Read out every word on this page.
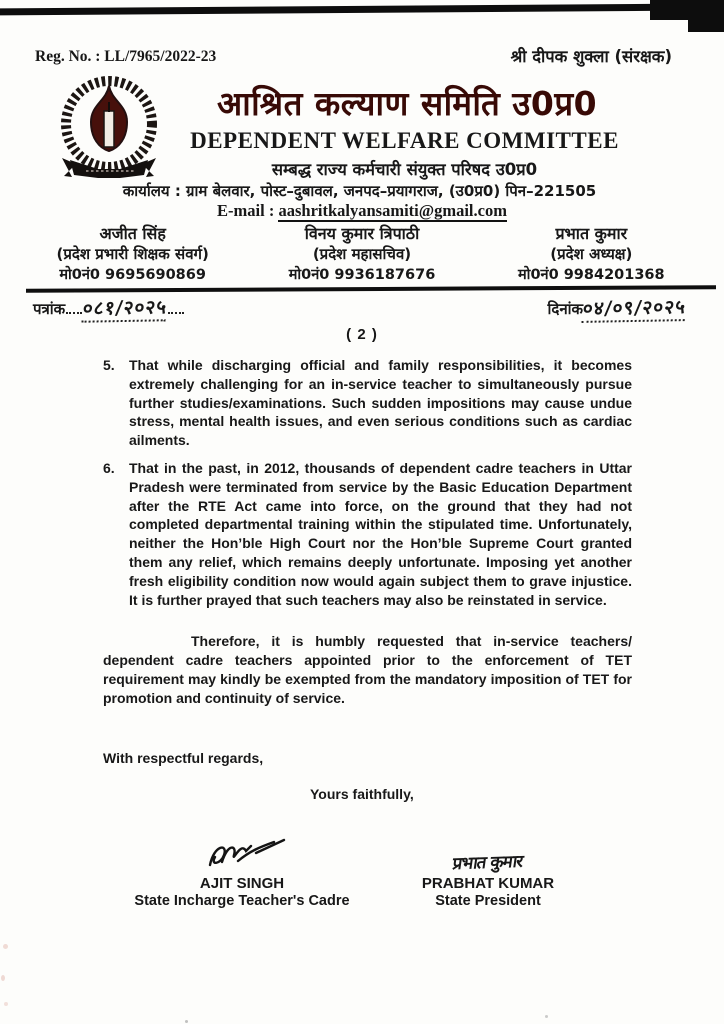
Reg. No. : LL/7965/2022-23	श्री दीपक शुक्ला (संरक्षक)
आश्रित कल्याण समिति उ0प्र0
DEPENDENT WELFARE COMMITTEE
सम्बद्ध राज्य कर्मचारी संयुक्त परिषद उ0प्र0
कार्यालय : ग्राम बेलवार, पोस्ट–दुबावल, जनपद–प्रयागराज, (उ0प्र0) पिन–221505
E-mail : aashritkalyansamiti@gmail.com
अजीत सिंह
(प्रदेश प्रभारी शिक्षक संवर्ग)
मो0नं0 9695690869
विनय कुमार त्रिपाठी
(प्रदेश महासचिव)
मो0नं0 9936187676
प्रभात कुमार
(प्रदेश अध्यक्ष)
मो0नं0 9984201368
पत्रांक ०८१/२०२५	दिनांक०४/०९/२०२५
( 2 )
5.	That while discharging official and family responsibilities, it becomes extremely challenging for an in-service teacher to simultaneously pursue further studies/examinations. Such sudden impositions may cause undue stress, mental health issues, and even serious conditions such as cardiac ailments.
6.	That in the past, in 2012, thousands of dependent cadre teachers in Uttar Pradesh were terminated from service by the Basic Education Department after the RTE Act came into force, on the ground that they had not completed departmental training within the stipulated time. Unfortunately, neither the Hon’ble High Court nor the Hon’ble Supreme Court granted them any relief, which remains deeply unfortunate. Imposing yet another fresh eligibility condition now would again subject them to grave injustice. It is further prayed that such teachers may also be reinstated in service.
Therefore, it is humbly requested that in-service teachers/ dependent cadre teachers appointed prior to the enforcement of TET requirement may kindly be exempted from the mandatory imposition of TET for promotion and continuity of service.
With respectful regards,
Yours faithfully,
AJIT SINGH
State Incharge Teacher's Cadre
प्रभात कुमार
PRABHAT KUMAR
State President
